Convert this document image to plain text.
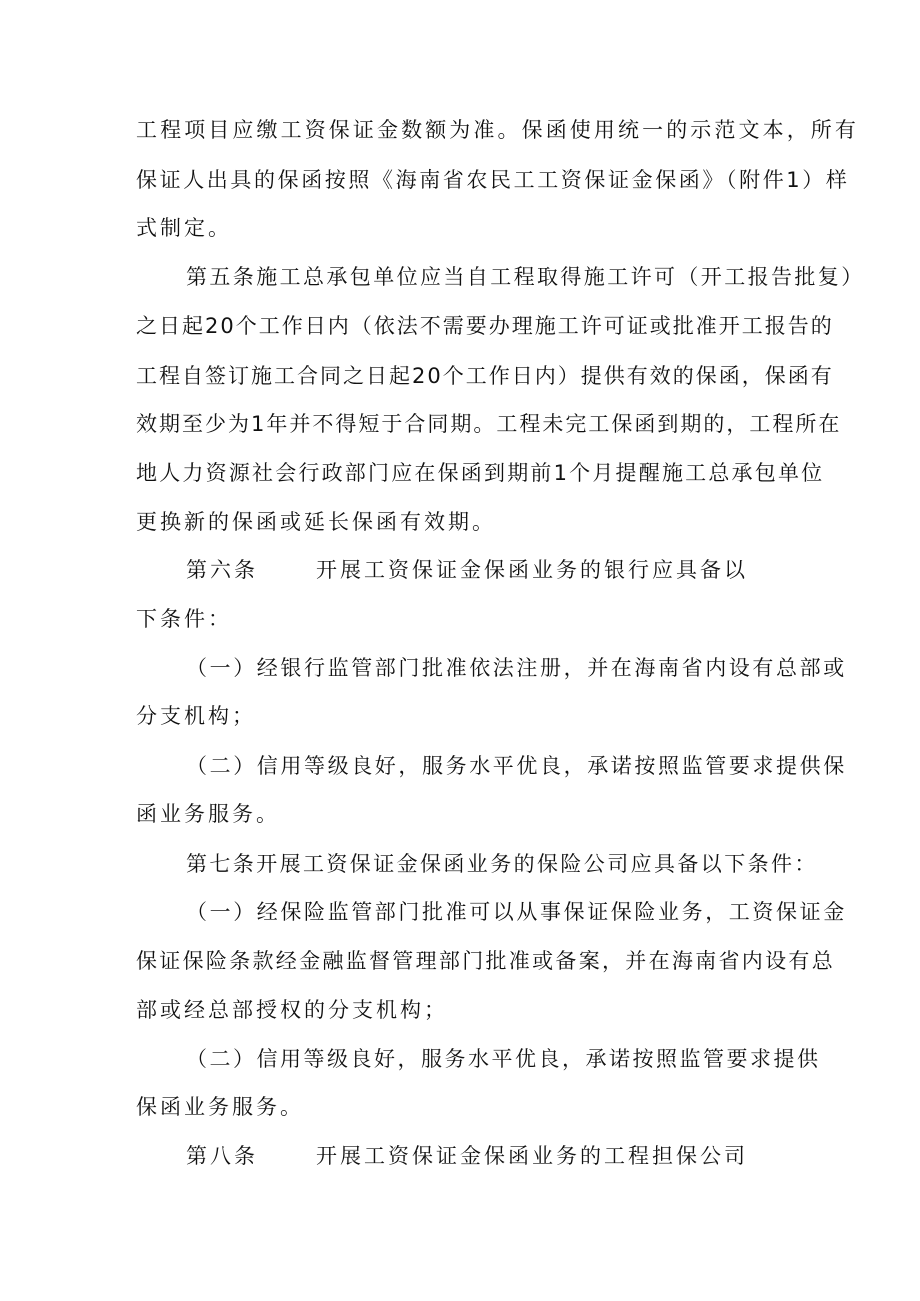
工程项目应缴工资保证金数额为准。保函使用统一的示范文本，所有
保证人出具的保函按照《海南省农民工工资保证金保函》（附件1）样
式制定。
第五条施工总承包单位应当自工程取得施工许可（开工报告批复）
之日起20个工作日内（依法不需要办理施工许可证或批准开工报告的
工程自签订施工合同之日起20个工作日内）提供有效的保函，保函有
效期至少为1年并不得短于合同期。工程未完工保函到期的，工程所在
地人力资源社会行政部门应在保函到期前1个月提醒施工总承包单位
更换新的保函或延长保函有效期。
第六条	开展工资保证金保函业务的银行应具备以
下条件：
（一）经银行监管部门批准依法注册，并在海南省内设有总部或
分支机构；
（二）信用等级良好，服务水平优良，承诺按照监管要求提供保
函业务服务。
第七条开展工资保证金保函业务的保险公司应具备以下条件：
（一）经保险监管部门批准可以从事保证保险业务，工资保证金
保证保险条款经金融监督管理部门批准或备案，并在海南省内设有总
部或经总部授权的分支机构；
（二）信用等级良好，服务水平优良，承诺按照监管要求提供
保函业务服务。
第八条	开展工资保证金保函业务的工程担保公司
